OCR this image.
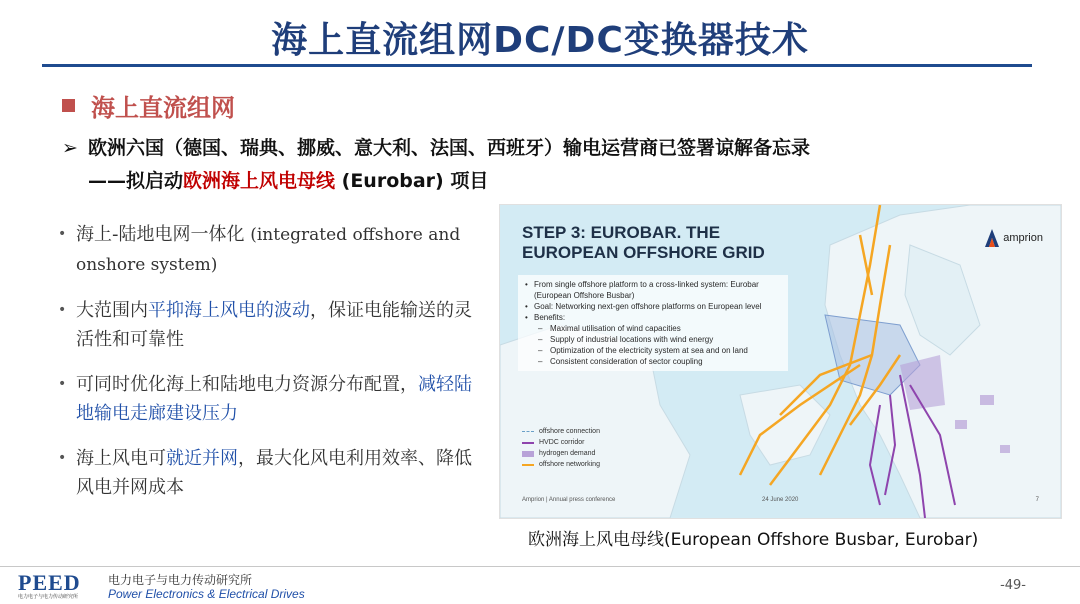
海上直流组网DC/DC变换器技术
海上直流组网
➢ 欧洲六国（德国、瑞典、挪威、意大利、法国、西班牙）输电运营商已签署谅解备忘录
——拟启动欧洲海上风电母线 (Eurobar) 项目
• 海上-陆地电网一体化 (integrated offshore and onshore system)
• 大范围内平抑海上风电的波动，保证电能输送的灵活性和可靠性
• 可同时优化海上和陆地电力资源分布配置，减轻陆地输电走廊建设压力
• 海上风电可就近并网，最大化风电利用效率、降低风电并网成本
STEP 3: EUROBAR. THE
EUROPEAN OFFSHORE GRID
amprion
• From single offshore platform to a cross-linked system: Eurobar (European Offshore Busbar)
• Goal: Networking next-gen offshore platforms on European level
• Benefits:
– Maximal utilisation of wind capacities
– Supply of industrial locations with wind energy
– Optimization of the electricity system at sea and on land
– Consistent consideration of sector coupling
offshore connection
HVDC corridor
hydrogen demand
offshore networking
Amprion | Annual press conference	24 June 2020	7
欧洲海上风电母线(European Offshore Busbar, Eurobar)
PEED
电力电子与电力传动研究所
电力电子与电力传动研究所
Power Electronics & Electrical Drives
-49-
